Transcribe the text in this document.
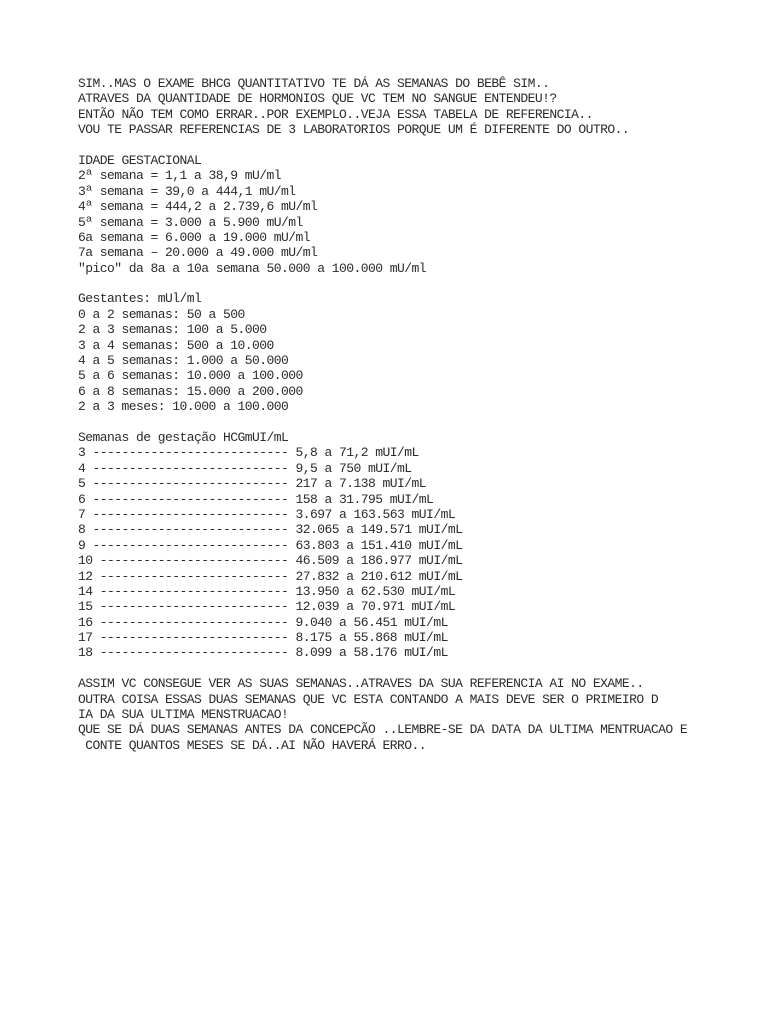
SIM..MAS O EXAME BHCG QUANTITATIVO TE DÁ AS SEMANAS DO BEBÊ SIM..
ATRAVES DA QUANTIDADE DE HORMONIOS QUE VC TEM NO SANGUE ENTENDEU!?
ENTÃO NÃO TEM COMO ERRAR..POR EXEMPLO..VEJA ESSA TABELA DE REFERENCIA..
VOU TE PASSAR REFERENCIAS DE 3 LABORATORIOS PORQUE UM É DIFERENTE DO OUTRO..
IDADE GESTACIONAL
2ª semana = 1,1 a 38,9 mU/ml
3ª semana = 39,0 a 444,1 mU/ml
4ª semana = 444,2 a 2.739,6 mU/ml
5ª semana = 3.000 a 5.900 mU/ml
6a semana = 6.000 a 19.000 mU/ml
7a semana – 20.000 a 49.000 mU/ml
"pico" da 8a a 10a semana 50.000 a 100.000 mU/ml
Gestantes: mUl/ml
0 a 2 semanas: 50 a 500
2 a 3 semanas: 100 a 5.000
3 a 4 semanas: 500 a 10.000
4 a 5 semanas: 1.000 a 50.000
5 a 6 semanas: 10.000 a 100.000
6 a 8 semanas: 15.000 a 200.000
2 a 3 meses: 10.000 a 100.000
Semanas de gestação HCGmUI/mL
3 --------------------------- 5,8 a 71,2 mUI/mL
4 --------------------------- 9,5 a 750 mUI/mL
5 --------------------------- 217 a 7.138 mUI/mL
6 --------------------------- 158 a 31.795 mUI/mL
7 --------------------------- 3.697 a 163.563 mUI/mL
8 --------------------------- 32.065 a 149.571 mUI/mL
9 --------------------------- 63.803 a 151.410 mUI/mL
10 -------------------------- 46.509 a 186.977 mUI/mL
12 -------------------------- 27.832 a 210.612 mUI/mL
14 -------------------------- 13.950 a 62.530 mUI/mL
15 -------------------------- 12.039 a 70.971 mUI/mL
16 -------------------------- 9.040 a 56.451 mUI/mL
17 -------------------------- 8.175 a 55.868 mUI/mL
18 -------------------------- 8.099 a 58.176 mUI/mL
ASSIM VC CONSEGUE VER AS SUAS SEMANAS..ATRAVES DA SUA REFERENCIA AI NO EXAME..
OUTRA COISA ESSAS DUAS SEMANAS QUE VC ESTA CONTANDO A MAIS DEVE SER O PRIMEIRO D
IA DA SUA ULTIMA MENSTRUACAO!
QUE SE DÁ DUAS SEMANAS ANTES DA CONCEPCÃO ..LEMBRE-SE DA DATA DA ULTIMA MENTRUACAO E
CONTE QUANTOS MESES SE DÁ..AI NÃO HAVERÁ ERRO..
